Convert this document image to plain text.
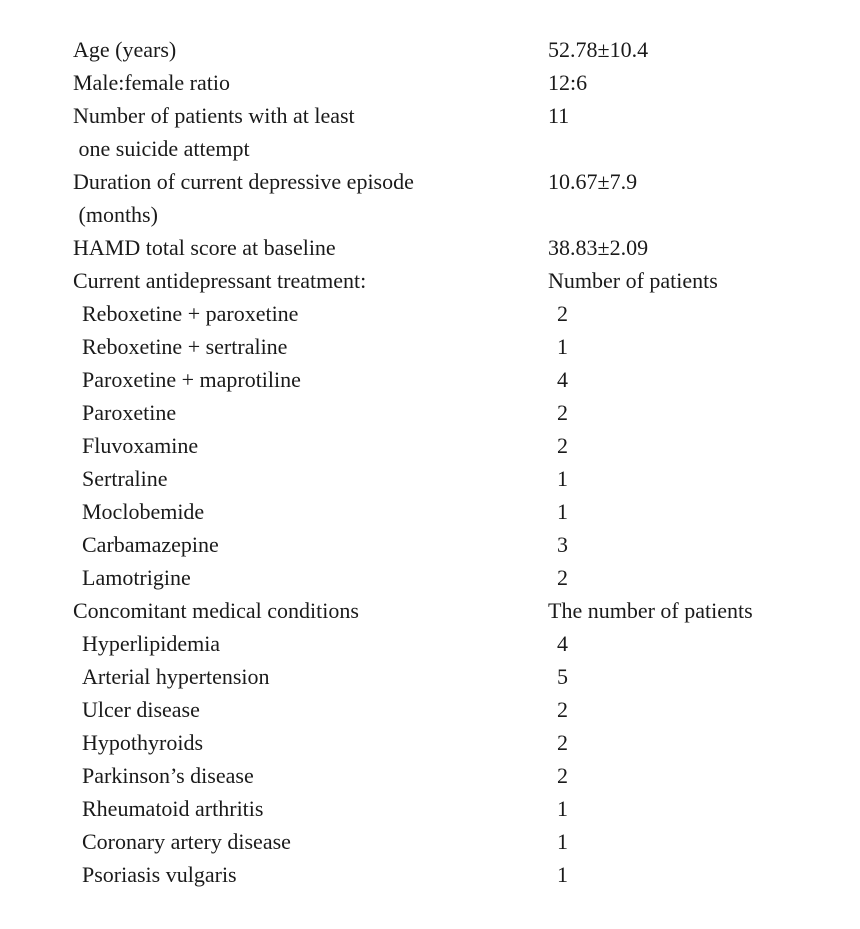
Age (years)	52.78±10.4
Male:female ratio	12:6
Number of patients with at least	11
one suicide attempt
Duration of current depressive episode	10.67±7.9
(months)
HAMD total score at baseline	38.83±2.09
Current antidepressant treatment:	Number of patients
Reboxetine + paroxetine	2
Reboxetine + sertraline	1
Paroxetine + maprotiline	4
Paroxetine	2
Fluvoxamine	2
Sertraline	1
Moclobemide	1
Carbamazepine	3
Lamotrigine	2
Concomitant medical conditions	The number of patients
Hyperlipidemia	4
Arterial hypertension	5
Ulcer disease	2
Hypothyroids	2
Parkinson’s disease	2
Rheumatoid arthritis	1
Coronary artery disease	1
Psoriasis vulgaris	1
